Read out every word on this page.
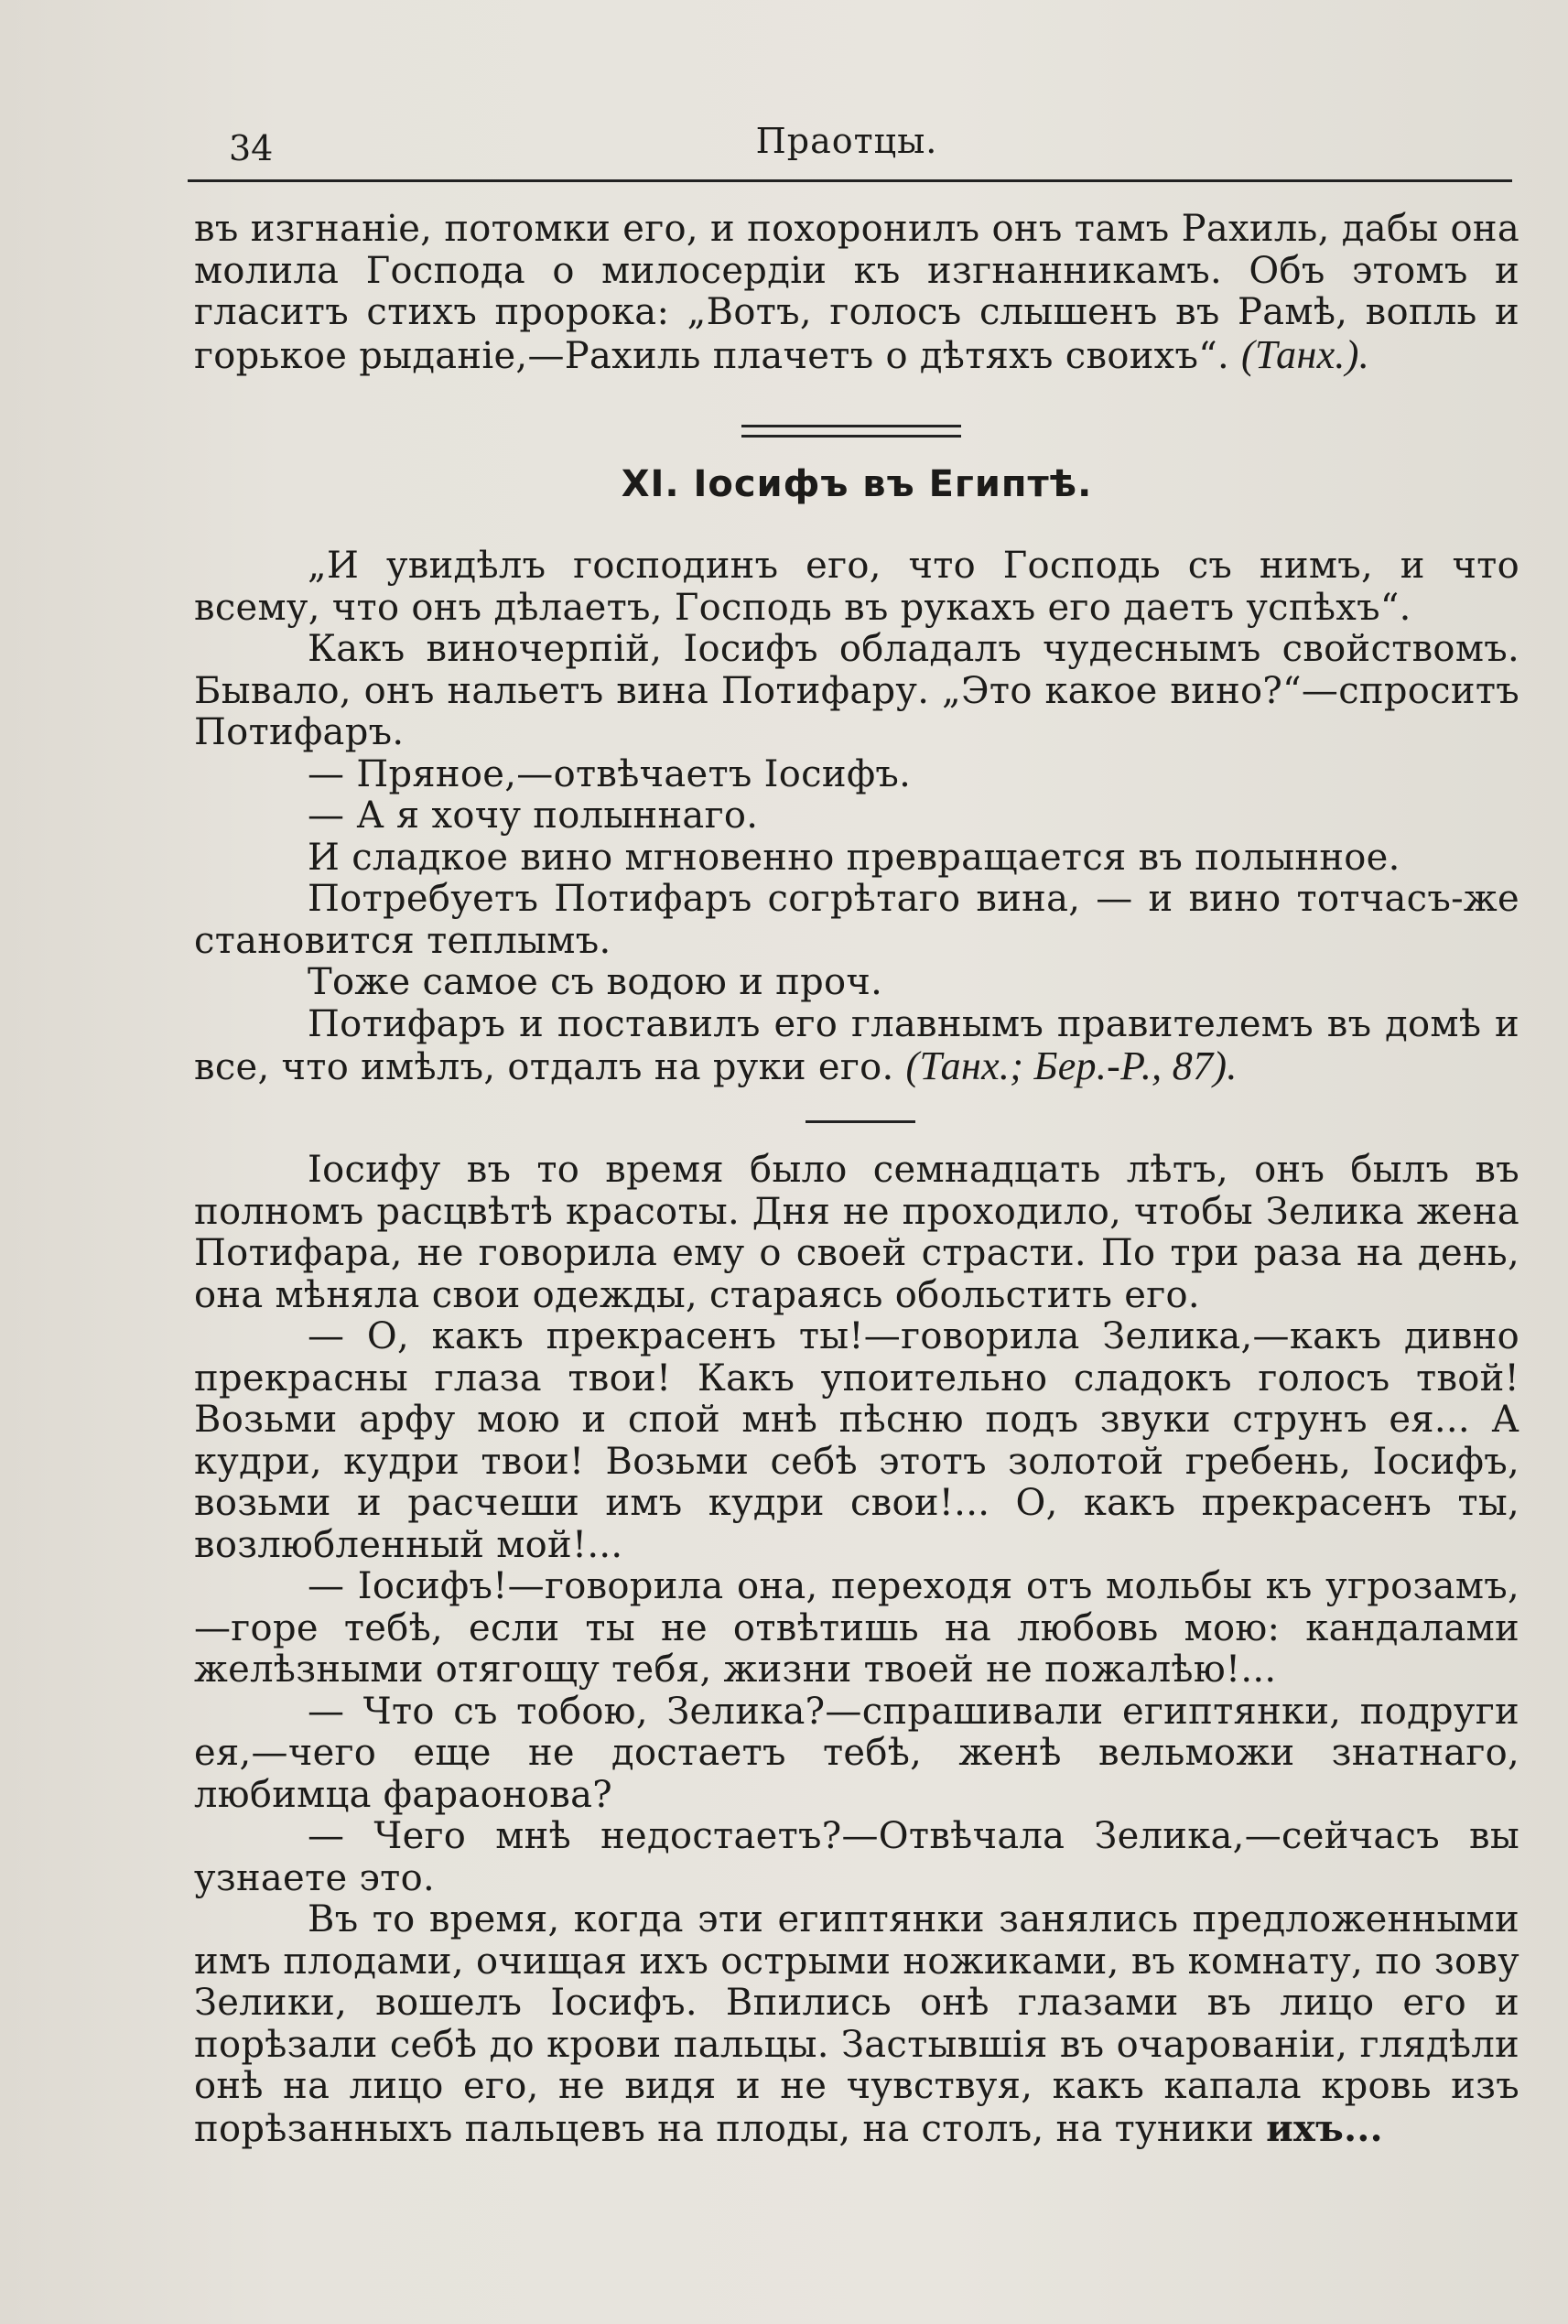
34	Праотцы.

въ изгнаніе, потомки его, и похоронилъ онъ тамъ Рахиль, дабы она молила Господа о милосердіи къ изгнанникамъ. Объ этомъ и гласитъ стихъ пророка: „Вотъ, голосъ слышенъ въ Рамѣ, вопль и горькое рыданіе,—Рахиль плачетъ о дѣтяхъ своихъ“. (Танх.).

XI. Іосифъ въ Египтѣ.

„И увидѣлъ господинъ его, что Господь съ нимъ, и что всему, что онъ дѣлаетъ, Господь въ рукахъ его даетъ успѣхъ“.

Какъ виночерпій, Іосифъ обладалъ чудеснымъ свойствомъ. Бывало, онъ нальетъ вина Потифару. „Это какое вино?“—спроситъ Потифаръ.

— Пряное,—отвѣчаетъ Іосифъ.

— А я хочу полыннаго.

И сладкое вино мгновенно превращается въ полынное.

Потребуетъ Потифаръ согрѣтаго вина, — и вино тотчасъ-же становится теплымъ.

Тоже самое съ водою и проч.

Потифаръ и поставилъ его главнымъ правителемъ въ домѣ и все, что имѣлъ, отдалъ на руки его. (Танх.; Бер.-Р., 87).

Іосифу въ то время было семнадцать лѣтъ, онъ былъ въ полномъ расцвѣтѣ красоты. Дня не проходило, чтобы Зелика жена Потифара, не говорила ему о своей страсти. По три раза на день, она мѣняла свои одежды, стараясь обольстить его.

— О, какъ прекрасенъ ты!—говорила Зелика,—какъ дивно прекрасны глаза твои! Какъ упоительно сладокъ голосъ твой! Возьми арфу мою и спой мнѣ пѣсню подъ звуки струнъ ея... А кудри, кудри твои! Возьми себѣ этотъ золотой гребень, Іосифъ, возьми и расчеши имъ кудри свои!... О, какъ прекрасенъ ты, возлюбленный мой!...

— Іосифъ!—говорила она, переходя отъ мольбы къ угрозамъ,—горе тебѣ, если ты не отвѣтишь на любовь мою: кандалами желѣзными отягощу тебя, жизни твоей не пожалѣю!...

— Что съ тобою, Зелика?—спрашивали египтянки, подруги ея,—чего еще не достаетъ тебѣ, женѣ вельможи знатнаго, любимца фараонова?

— Чего мнѣ недостаетъ?—Отвѣчала Зелика,—сейчасъ вы узнаете это.

Въ то время, когда эти египтянки занялись предложенными имъ плодами, очищая ихъ острыми ножиками, въ комнату, по зову Зелики, вошелъ Іосифъ. Впились онѣ глазами въ лицо его и порѣзали себѣ до крови пальцы. Застывшія въ очарованіи, глядѣли онѣ на лицо его, не видя и не чувствуя, какъ капала кровь изъ порѣзанныхъ пальцевъ на плоды, на столъ, на туники ихъ...
